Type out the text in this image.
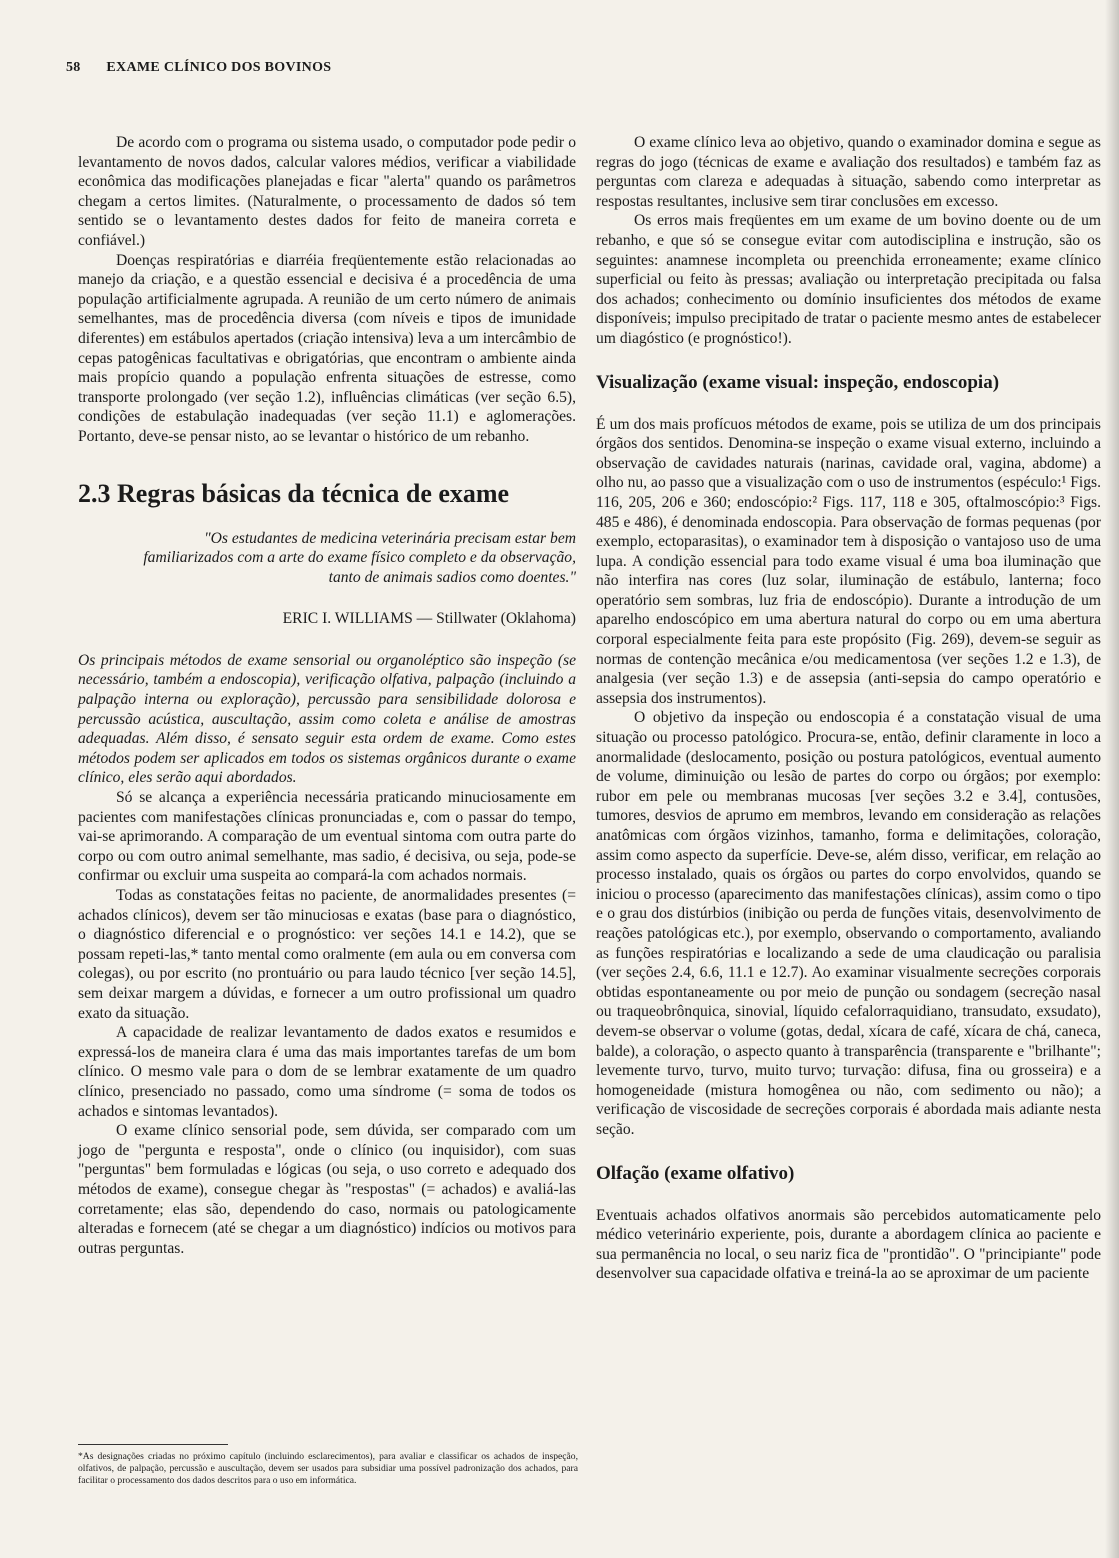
58 EXAME CLÍNICO DOS BOVINOS

De acordo com o programa ou sistema usado, o computador pode pedir o levantamento de novos dados, calcular valores médios, verificar a viabilidade econômica das modificações planejadas e ficar "alerta" quando os parâmetros chegam a certos limites. (Naturalmente, o processamento de dados só tem sentido se o levantamento destes dados for feito de maneira correta e confiável.)

Doenças respiratórias e diarréia freqüentemente estão relacionadas ao manejo da criação, e a questão essencial e decisiva é a procedência de uma população artificialmente agrupada. A reunião de um certo número de animais semelhantes, mas de procedência diversa (com níveis e tipos de imunidade diferentes) em estábulos apertados (criação intensiva) leva a um intercâmbio de cepas patogênicas facultativas e obrigatórias, que encontram o ambiente ainda mais propício quando a população enfrenta situações de estresse, como transporte prolongado (ver seção 1.2), influências climáticas (ver seção 6.5), condições de estabulação inadequadas (ver seção 11.1) e aglomerações. Portanto, deve-se pensar nisto, ao se levantar o histórico de um rebanho.

2.3 Regras básicas da técnica de exame
"Os estudantes de medicina veterinária precisam estar bem familiarizados com a arte do exame físico completo e da observação, tanto de animais sadios como doentes."
ERIC I. WILLIAMS — Stillwater (Oklahoma)

Os principais métodos de exame sensorial ou organoléptico são inspeção (se necessário, também a endoscopia), verificação olfativa, palpação (incluindo a palpação interna ou exploração), percussão para sensibilidade dolorosa e percussão acústica, auscultação, assim como coleta e análise de amostras adequadas. Além disso, é sensato seguir esta ordem de exame. Como estes métodos podem ser aplicados em todos os sistemas orgânicos durante o exame clínico, eles serão aqui abordados.

Só se alcança a experiência necessária praticando minuciosamente em pacientes com manifestações clínicas pronunciadas e, com o passar do tempo, vai-se aprimorando. A comparação de um eventual sintoma com outra parte do corpo ou com outro animal semelhante, mas sadio, é decisiva, ou seja, pode-se confirmar ou excluir uma suspeita ao compará-la com achados normais.

Todas as constatações feitas no paciente, de anormalidades presentes (= achados clínicos), devem ser tão minuciosas e exatas (base para o diagnóstico, o diagnóstico diferencial e o prognóstico: ver seções 14.1 e 14.2), que se possam repeti-las,* tanto mental como oralmente (em aula ou em conversa com colegas), ou por escrito (no prontuário ou para laudo técnico [ver seção 14.5], sem deixar margem a dúvidas, e fornecer a um outro profissional um quadro exato da situação.

A capacidade de realizar levantamento de dados exatos e resumidos e expressá-los de maneira clara é uma das mais importantes tarefas de um bom clínico. O mesmo vale para o dom de se lembrar exatamente de um quadro clínico, presenciado no passado, como uma síndrome (= soma de todos os achados e sintomas levantados).

O exame clínico sensorial pode, sem dúvida, ser comparado com um jogo de "pergunta e resposta", onde o clínico (ou inquisidor), com suas "perguntas" bem formuladas e lógicas (ou seja, o uso correto e adequado dos métodos de exame), consegue chegar às "respostas" (= achados) e avaliá-las corretamente; elas são, dependendo do caso, normais ou patologicamente alteradas e fornecem (até se chegar a um diagnóstico) indícios ou motivos para outras perguntas.

*As designações criadas no próximo capítulo (incluindo esclarecimentos), para avaliar e classificar os achados de inspeção, olfativos, de palpação, percussão e auscultação, devem ser usados para subsidiar uma possível padronização dos achados, para facilitar o processamento dos dados descritos para o uso em informática.

O exame clínico leva ao objetivo, quando o examinador domina e segue as regras do jogo (técnicas de exame e avaliação dos resultados) e também faz as perguntas com clareza e adequadas à situação, sabendo como interpretar as respostas resultantes, inclusive sem tirar conclusões em excesso.

Os erros mais freqüentes em um exame de um bovino doente ou de um rebanho, e que só se consegue evitar com autodisciplina e instrução, são os seguintes: anamnese incompleta ou preenchida erroneamente; exame clínico superficial ou feito às pressas; avaliação ou interpretação precipitada ou falsa dos achados; conhecimento ou domínio insuficientes dos métodos de exame disponíveis; impulso precipitado de tratar o paciente mesmo antes de estabelecer um diagóstico (e prognóstico!).

Visualização (exame visual: inspeção, endoscopia)

É um dos mais profícuos métodos de exame, pois se utiliza de um dos principais órgãos dos sentidos. Denomina-se inspeção o exame visual externo, incluindo a observação de cavidades naturais (narinas, cavidade oral, vagina, abdome) a olho nu, ao passo que a visualização com o uso de instrumentos (espéculo:¹ Figs. 116, 205, 206 e 360; endoscópio:² Figs. 117, 118 e 305, oftalmoscópio:³ Figs. 485 e 486), é denominada endoscopia. Para observação de formas pequenas (por exemplo, ectoparasitas), o examinador tem à disposição o vantajoso uso de uma lupa. A condição essencial para todo exame visual é uma boa iluminação que não interfira nas cores (luz solar, iluminação de estábulo, lanterna; foco operatório sem sombras, luz fria de endoscópio). Durante a introdução de um aparelho endoscópico em uma abertura natural do corpo ou em uma abertura corporal especialmente feita para este propósito (Fig. 269), devem-se seguir as normas de contenção mecânica e/ou medicamentosa (ver seções 1.2 e 1.3), de analgesia (ver seção 1.3) e de assepsia (anti-sepsia do campo operatório e assepsia dos instrumentos).

O objetivo da inspeção ou endoscopia é a constatação visual de uma situação ou processo patológico. Procura-se, então, definir claramente in loco a anormalidade (deslocamento, posição ou postura patológicos, eventual aumento de volume, diminuição ou lesão de partes do corpo ou órgãos; por exemplo: rubor em pele ou membranas mucosas [ver seções 3.2 e 3.4], contusões, tumores, desvios de aprumo em membros, levando em consideração as relações anatômicas com órgãos vizinhos, tamanho, forma e delimitações, coloração, assim como aspecto da superfície. Deve-se, além disso, verificar, em relação ao processo instalado, quais os órgãos ou partes do corpo envolvidos, quando se iniciou o processo (aparecimento das manifestações clínicas), assim como o tipo e o grau dos distúrbios (inibição ou perda de funções vitais, desenvolvimento de reações patológicas etc.), por exemplo, observando o comportamento, avaliando as funções respiratórias e localizando a sede de uma claudicação ou paralisia (ver seções 2.4, 6.6, 11.1 e 12.7). Ao examinar visualmente secreções corporais obtidas espontaneamente ou por meio de punção ou sondagem (secreção nasal ou traqueobrônquica, sinovial, líquido cefalorraquidiano, transudato, exsudato), devem-se observar o volume (gotas, dedal, xícara de café, xícara de chá, caneca, balde), a coloração, o aspecto quanto à transparência (transparente e "brilhante"; levemente turvo, turvo, muito turvo; turvação: difusa, fina ou grosseira) e a homogeneidade (mistura homogênea ou não, com sedimento ou não); a verificação de viscosidade de secreções corporais é abordada mais adiante nesta seção.

Olfação (exame olfativo)

Eventuais achados olfativos anormais são percebidos automaticamente pelo médico veterinário experiente, pois, durante a abordagem clínica ao paciente e sua permanência no local, o seu nariz fica de "prontidão". O "principiante" pode desenvolver sua capacidade olfativa e treiná-la ao se aproximar de um paciente
